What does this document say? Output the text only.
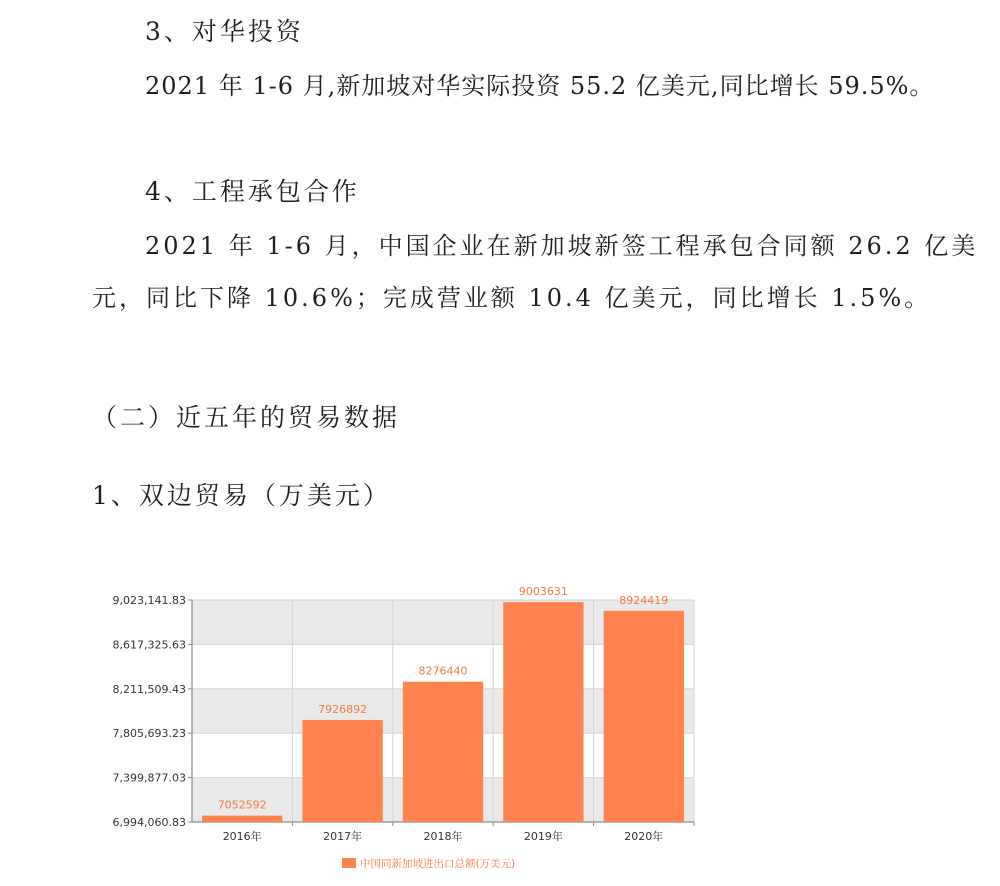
3、对华投资
2021 年 1-6 月,新加坡对华实际投资 55.2 亿美元,同比增长 59.5%。
4、工程承包合作
2021 年 1-6 月，中国企业在新加坡新签工程承包合同额 26.2 亿美
元，同比下降 10.6%；完成营业额 10.4 亿美元，同比增长 1.5%。
（二）近五年的贸易数据
1、双边贸易（万美元）
6,994,060.83
7,399,877.03
7,805,693.23
8,211,509.43
8,617,325.63
9,023,141.83
7052592
2016年
7926892
2017年
8276440
2018年
9003631
2019年
8924419
2020年
中国同新加坡进出口总额(万美元)
